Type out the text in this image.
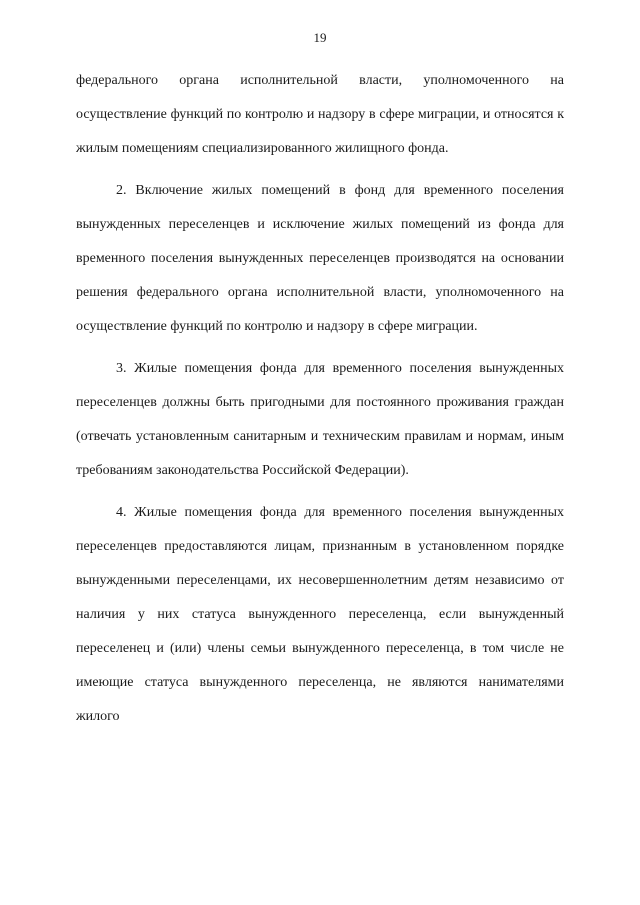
19

федерального органа исполнительной власти, уполномоченного на осуществление функций по контролю и надзору в сфере миграции, и относятся к жилым помещениям специализированного жилищного фонда.

2. Включение жилых помещений в фонд для временного поселения вынужденных переселенцев и исключение жилых помещений из фонда для временного поселения вынужденных переселенцев производятся на основании решения федерального органа исполнительной власти, уполномоченного на осуществление функций по контролю и надзору в сфере миграции.

3. Жилые помещения фонда для временного поселения вынужденных переселенцев должны быть пригодными для постоянного проживания граждан (отвечать установленным санитарным и техническим правилам и нормам, иным требованиям законодательства Российской Федерации).

4. Жилые помещения фонда для временного поселения вынужденных переселенцев предоставляются лицам, признанным в установленном порядке вынужденными переселенцами, их несовершеннолетним детям независимо от наличия у них статуса вынужденного переселенца, если вынужденный переселенец и (или) члены семьи вынужденного переселенца, в том числе не имеющие статуса вынужденного переселенца, не являются нанимателями жилого
